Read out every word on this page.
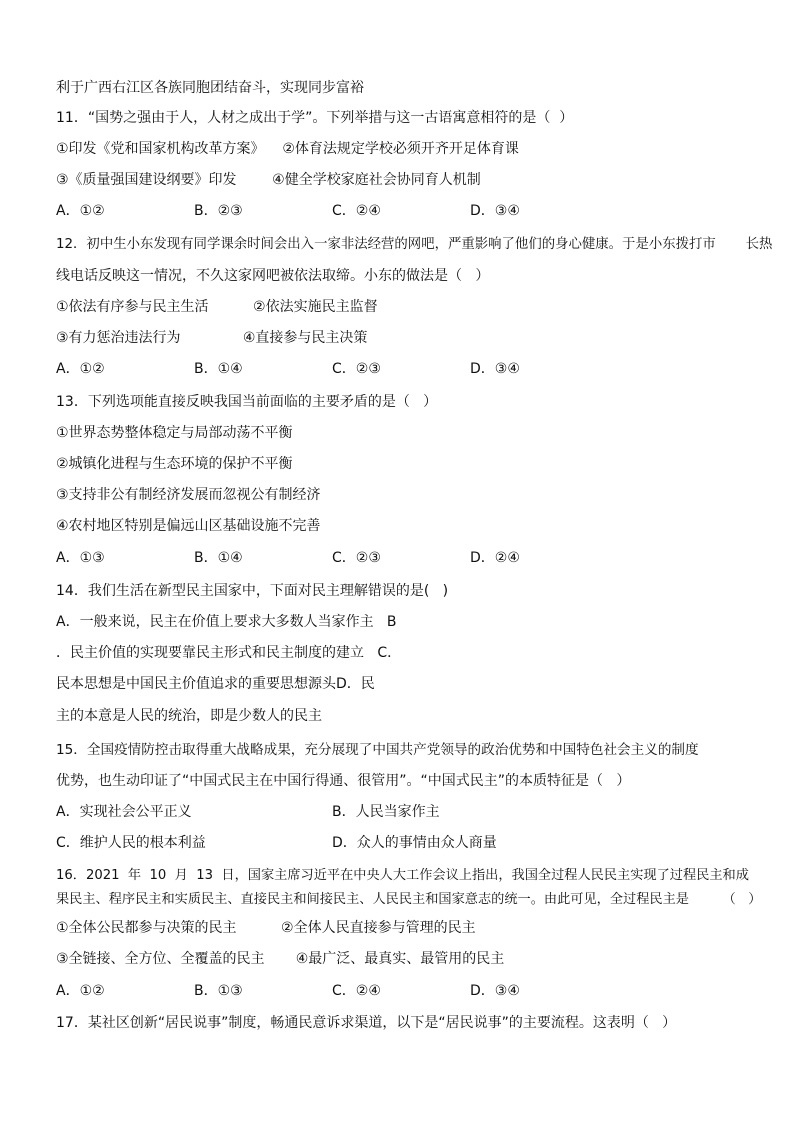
利于广西右江区各族同胞团结奋斗，实现同步富裕
11．“国势之强由于人，人材之成出于学”。下列举措与这一古语寓意相符的是（  ）
①印发《党和国家机构改革方案》    ②体育法规定学校必须开齐开足体育课
③《质量强国建设纲要》印发        ④健全学校家庭社会协同育人机制
A．①②	B．②③	C．②④	D．③④
12．初中生小东发现有同学课余时间会出入一家非法经营的网吧，严重影响了他们的身心健康。于是小东拨打市       长热
线电话反映这一情况，不久这家网吧被依法取缔。小东的做法是（   ）
①依法有序参与民主生活          ②依法实施民主监督
③有力惩治违法行为              ④直接参与民主决策
A．①②	B．①④	C．②③	D．③④
13．下列选项能直接反映我国当前面临的主要矛盾的是（   ）
①世界态势整体稳定与局部动荡不平衡
②城镇化进程与生态环境的保护不平衡
③支持非公有制经济发展而忽视公有制经济
④农村地区特别是偏远山区基础设施不完善
A．①③	B．①④	C．②③	D．②④
14．我们生活在新型民主国家中，下面对民主理解错误的是(   )
A．一般来说，民主在价值上要求大多数人当家作主   B
．民主价值的实现要靠民主形式和民主制度的建立   C．
民本思想是中国民主价值追求的重要思想源头D．民
主的本意是人民的统治，即是少数人的民主
15．全国疫情防控击取得重大战略成果，充分展现了中国共产党领导的政治优势和中国特色社会主义的制度
优势，也生动印证了“中国式民主在中国行得通、很管用”。“中国式民主”的本质特征是（   ）
A．实现社会公平正义	B．人民当家作主
C．维护人民的根本利益	D．众人的事情由众人商量
16．2021  年  10  月  13  日，国家主席习近平在中央人大工作会议上指出，我国全过程人民民主实现了过程民主和成
果民主、程序民主和实质民主、直接民主和间接民主、人民民主和国家意志的统一。由此可见，全过程民主是        （   ）
①全体公民都参与决策的民主          ②全体人民直接参与管理的民主
③全链接、全方位、全覆盖的民主       ④最广泛、最真实、最管用的民主
A．①②	B．①③	C．②④	D．③④
17．某社区创新“居民说事”制度，畅通民意诉求渠道，以下是“居民说事”的主要流程。这表明（   ）
